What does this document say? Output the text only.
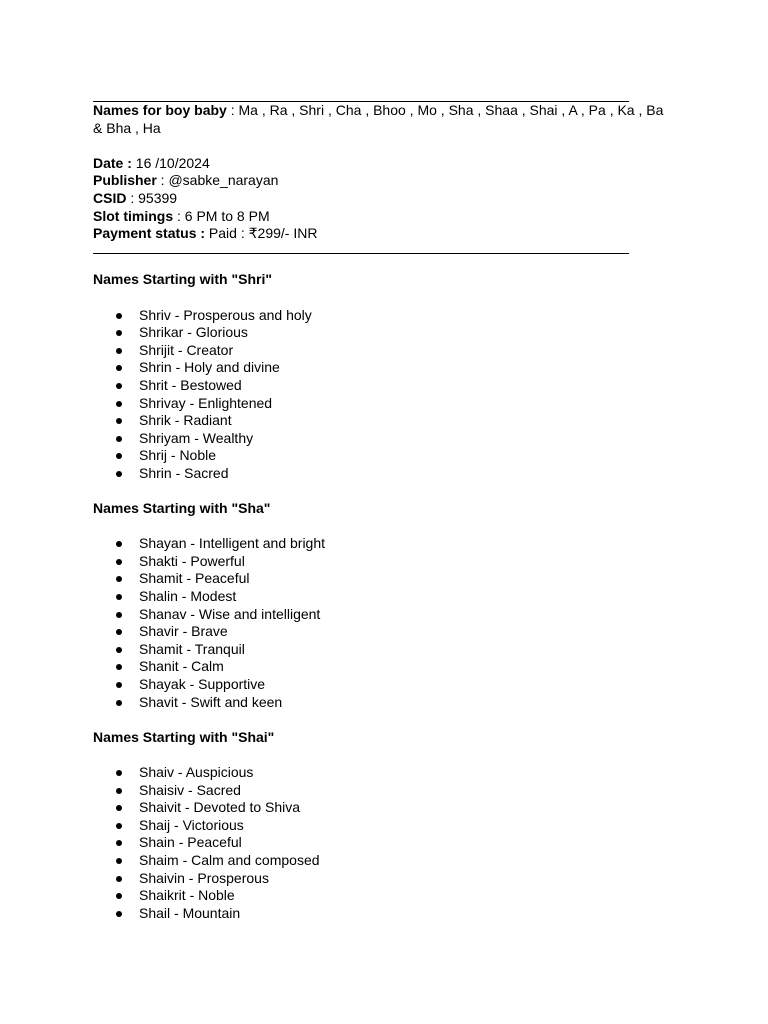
Names for boy baby : Ma , Ra , Shri , Cha , Bhoo , Mo , Sha , Shaa , Shai , A , Pa , Ka , Ba

& Bha , Ha

Date : 16 /10/2024

Publisher : @sabke_narayan

CSID : 95399

Slot timings : 6 PM to 8 PM

Payment status : Paid : ₹299/- INR

Names Starting with "Shri"

Shriv - Prosperous and holy
Shrikar - Glorious
Shrijit - Creator
Shrin - Holy and divine
Shrit - Bestowed
Shrivay - Enlightened
Shrik - Radiant
Shriyam - Wealthy
Shrij - Noble
Shrin - Sacred

Names Starting with "Sha"

Shayan - Intelligent and bright
Shakti - Powerful
Shamit - Peaceful
Shalin - Modest
Shanav - Wise and intelligent
Shavir - Brave
Shamit - Tranquil
Shanit - Calm
Shayak - Supportive
Shavit - Swift and keen

Names Starting with "Shai"

Shaiv - Auspicious
Shaisiv - Sacred
Shaivit - Devoted to Shiva
Shaij - Victorious
Shain - Peaceful
Shaim - Calm and composed
Shaivin - Prosperous
Shaikrit - Noble
Shail - Mountain
